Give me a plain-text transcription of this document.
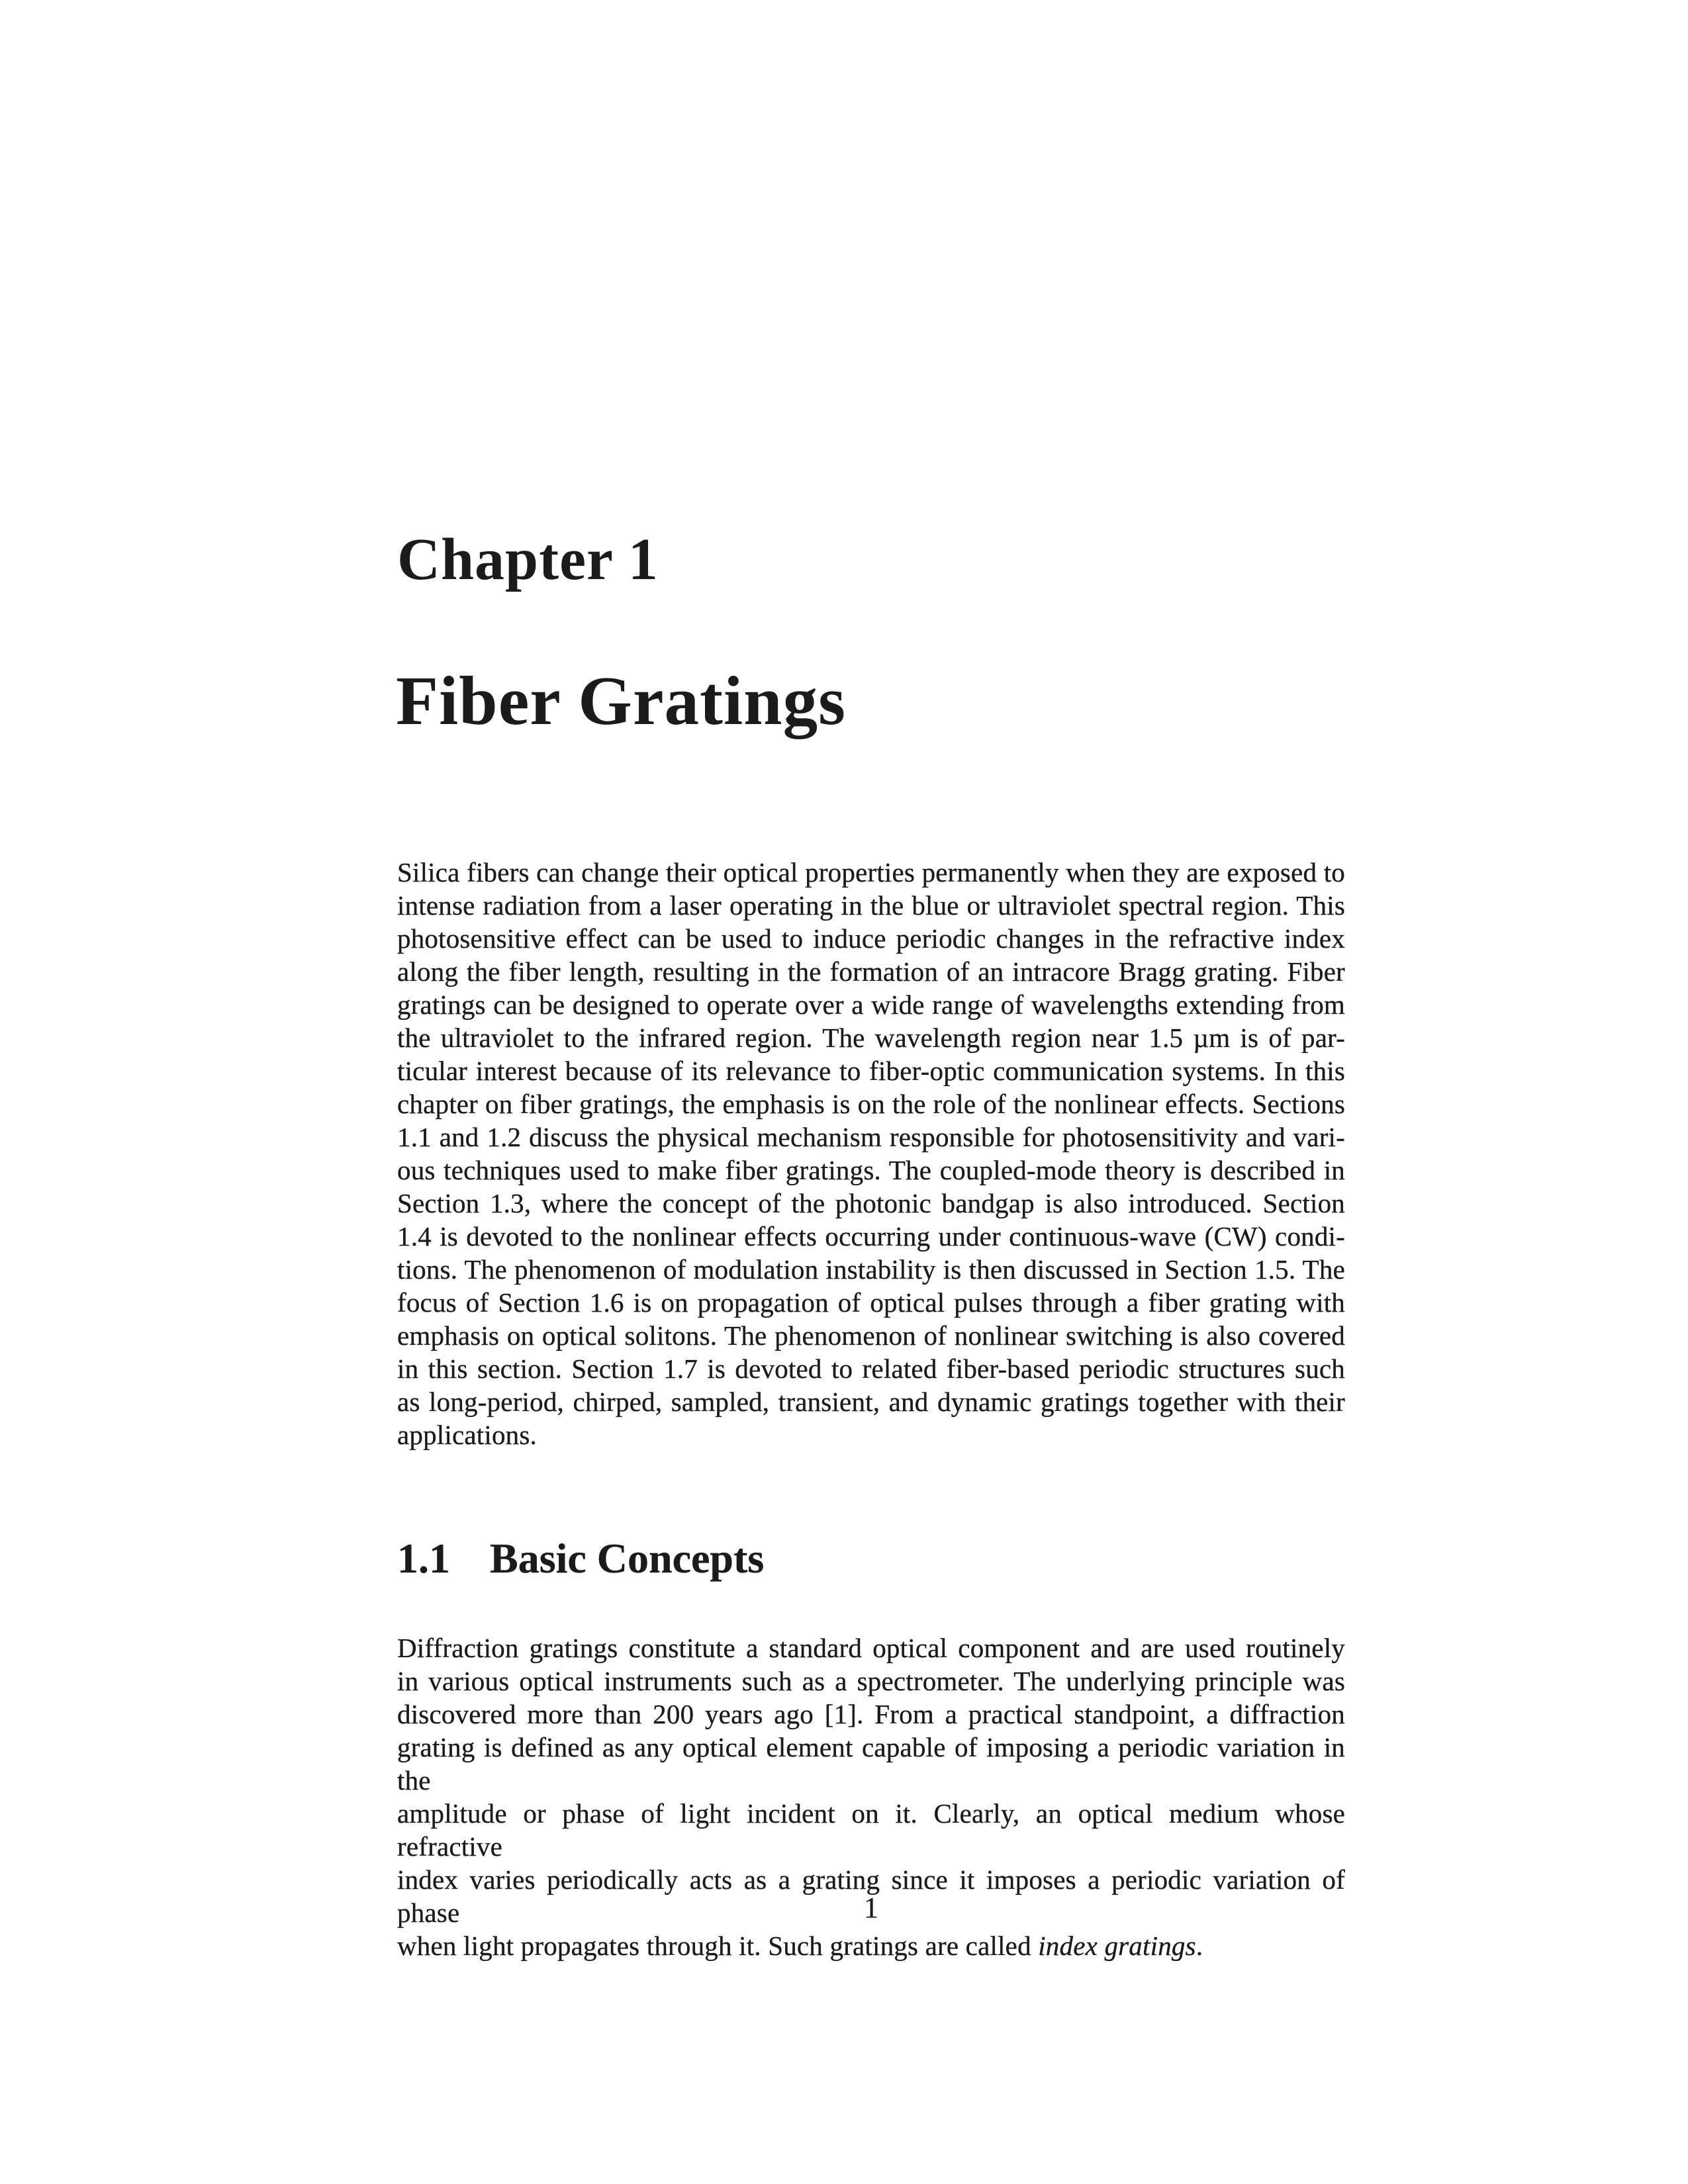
Chapter 1
Fiber Gratings
Silica fibers can change their optical properties permanently when they are exposed to
intense radiation from a laser operating in the blue or ultraviolet spectral region. This
photosensitive effect can be used to induce periodic changes in the refractive index
along the fiber length, resulting in the formation of an intracore Bragg grating. Fiber
gratings can be designed to operate over a wide range of wavelengths extending from
the ultraviolet to the infrared region. The wavelength region near 1.5 µm is of par-
ticular interest because of its relevance to fiber-optic communication systems. In this
chapter on fiber gratings, the emphasis is on the role of the nonlinear effects. Sections
1.1 and 1.2 discuss the physical mechanism responsible for photosensitivity and vari-
ous techniques used to make fiber gratings. The coupled-mode theory is described in
Section 1.3, where the concept of the photonic bandgap is also introduced. Section
1.4 is devoted to the nonlinear effects occurring under continuous-wave (CW) condi-
tions. The phenomenon of modulation instability is then discussed in Section 1.5. The
focus of Section 1.6 is on propagation of optical pulses through a fiber grating with
emphasis on optical solitons. The phenomenon of nonlinear switching is also covered
in this section. Section 1.7 is devoted to related fiber-based periodic structures such
as long-period, chirped, sampled, transient, and dynamic gratings together with their
applications.
1.1 Basic Concepts
Diffraction gratings constitute a standard optical component and are used routinely
in various optical instruments such as a spectrometer. The underlying principle was
discovered more than 200 years ago [1]. From a practical standpoint, a diffraction
grating is defined as any optical element capable of imposing a periodic variation in the
amplitude or phase of light incident on it. Clearly, an optical medium whose refractive
index varies periodically acts as a grating since it imposes a periodic variation of phase
when light propagates through it. Such gratings are called index gratings.
1
